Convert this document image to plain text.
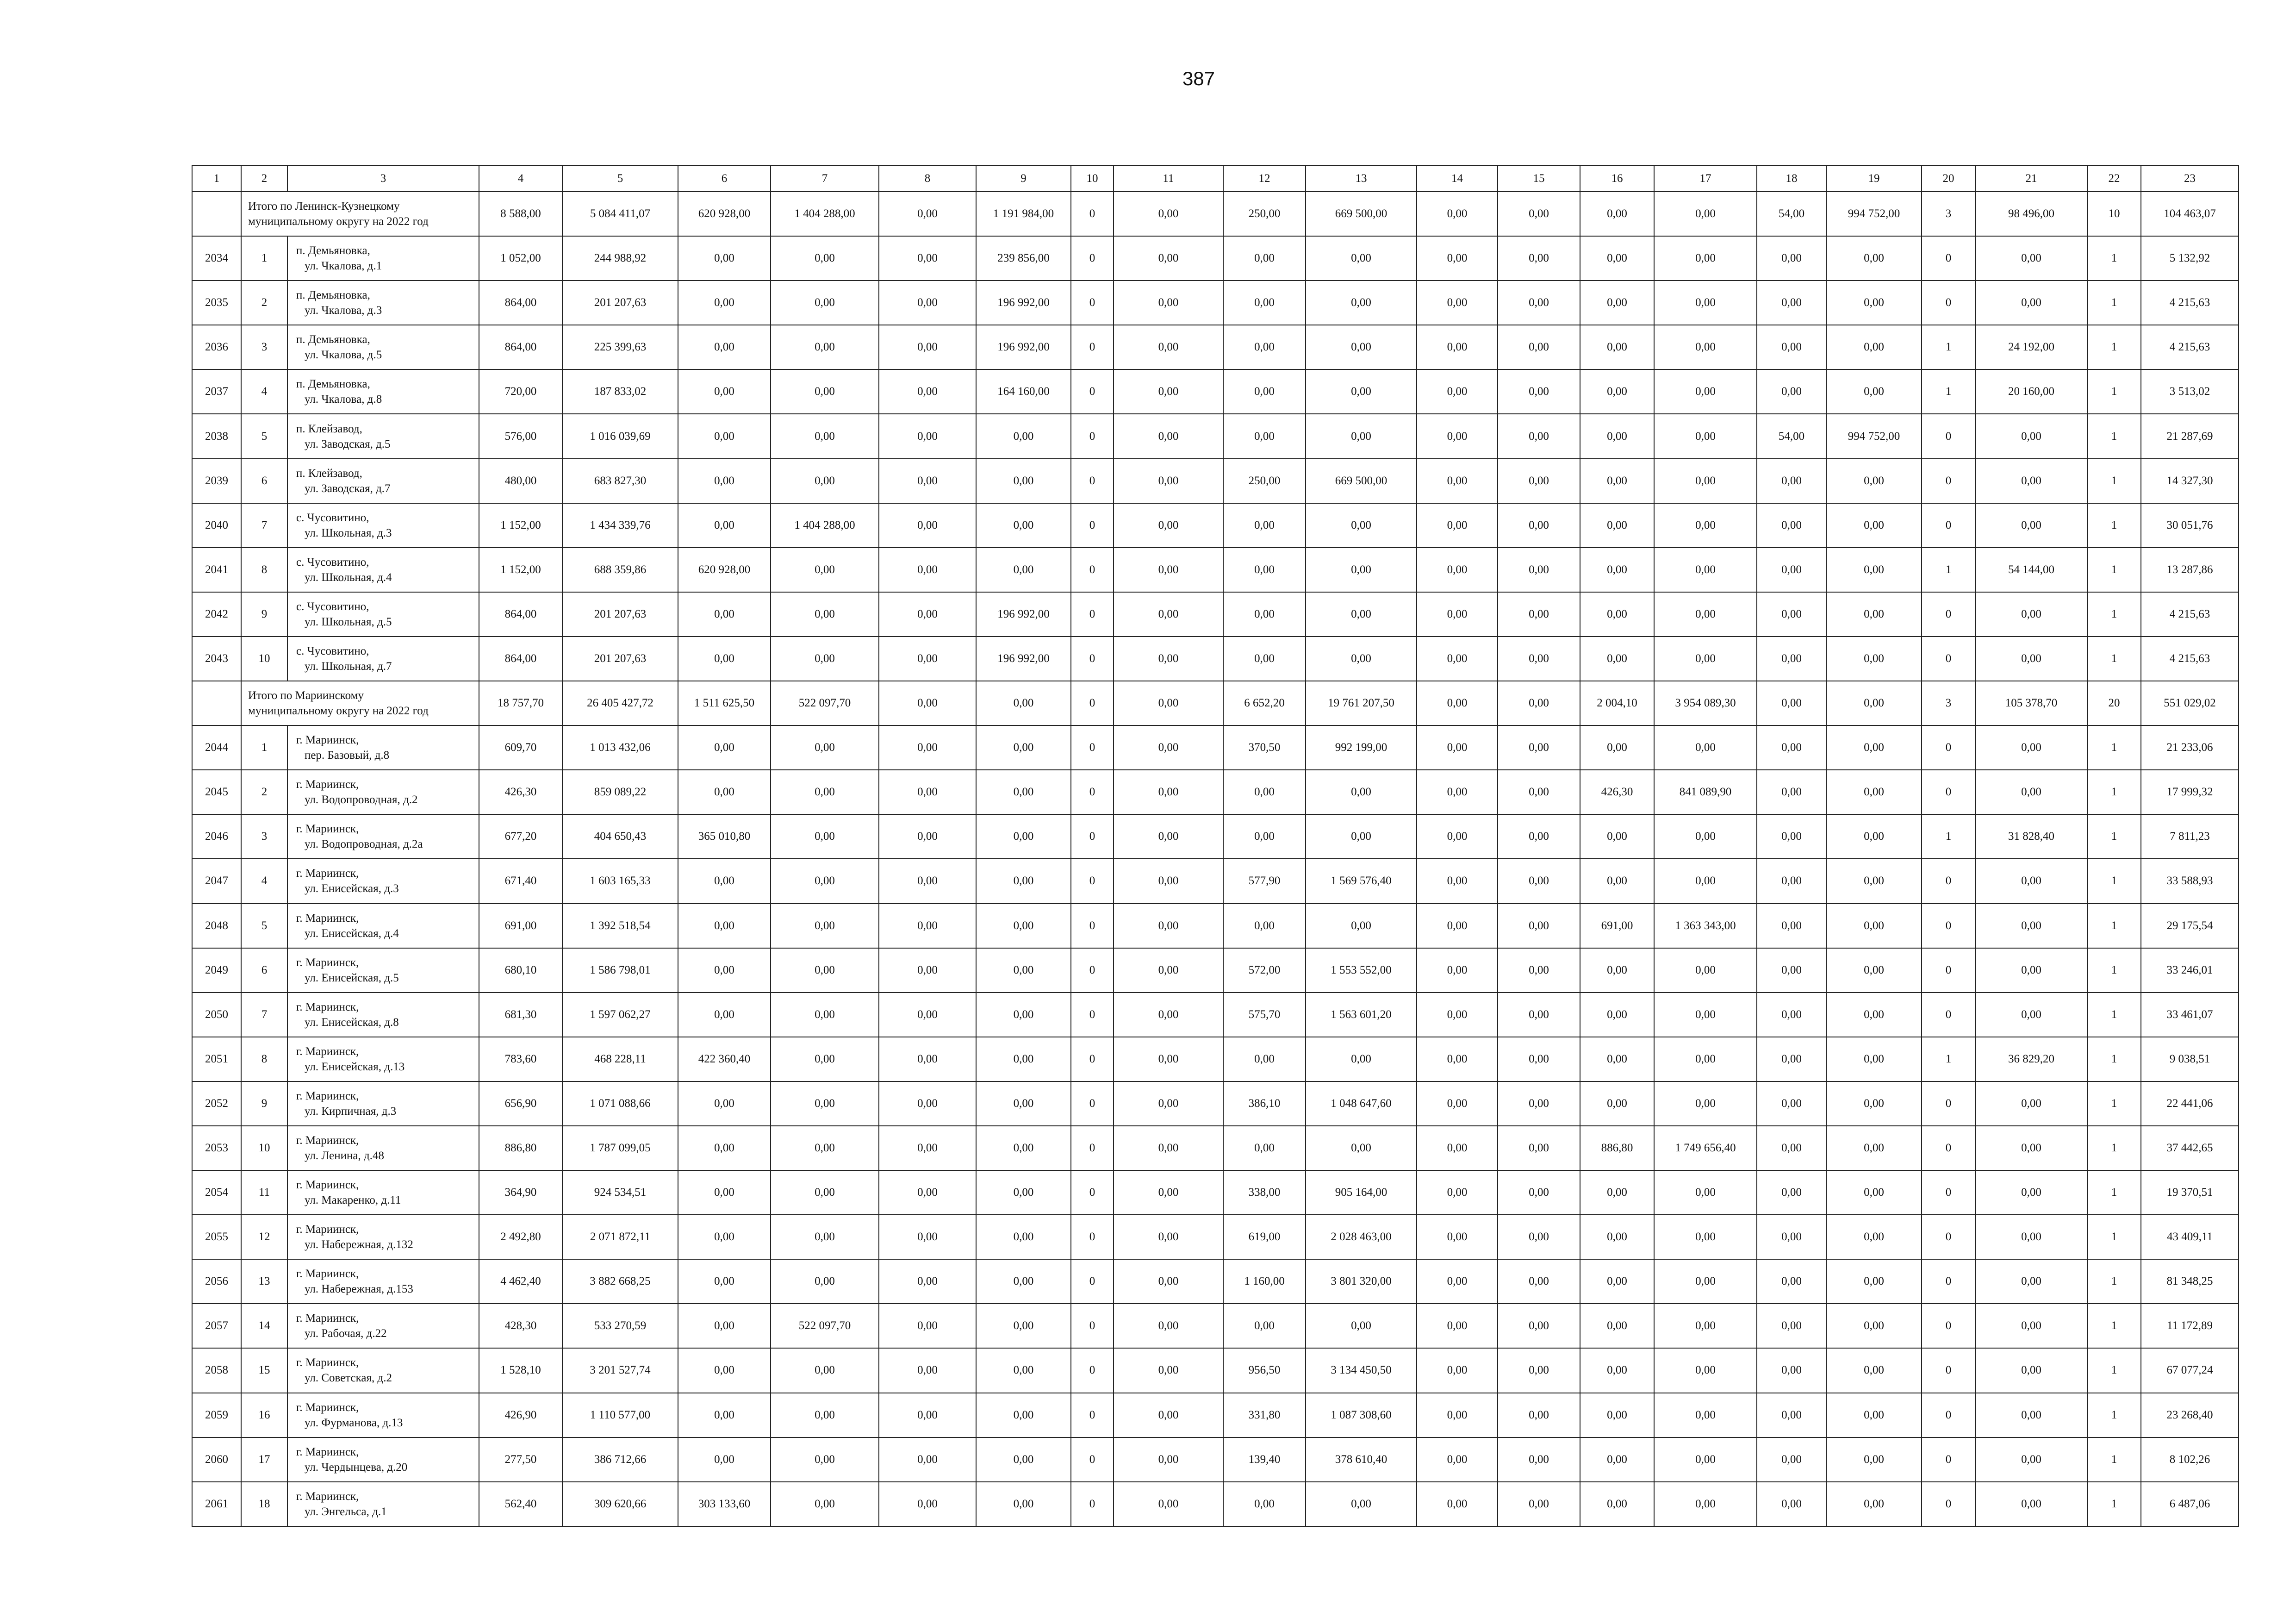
387
1	2	3	4	5	6	7	8	9	10	11	12	13	14	15	16	17	18	19	20	21	22	23

	Итого по Ленинск-Кузнецкому
муниципальному округу на 2022 год		8 588,00	5 084 411,07	620 928,00	1 404 288,00	0,00	1 191 984,00	0	0,00	250,00	669 500,00	0,00	0,00	0,00	0,00	54,00	994 752,00	3	98 496,00	10	104 463,07
2034	1	п. Демьяновка,
ул. Чкалова, д.1	1 052,00	244 988,92	0,00	0,00	0,00	239 856,00	0	0,00	0,00	0,00	0,00	0,00	0,00	0,00	0,00	0,00	0	0,00	1	5 132,92
2035	2	п. Демьяновка,
ул. Чкалова, д.3	864,00	201 207,63	0,00	0,00	0,00	196 992,00	0	0,00	0,00	0,00	0,00	0,00	0,00	0,00	0,00	0,00	0	0,00	1	4 215,63
2036	3	п. Демьяновка,
ул. Чкалова, д.5	864,00	225 399,63	0,00	0,00	0,00	196 992,00	0	0,00	0,00	0,00	0,00	0,00	0,00	0,00	0,00	0,00	1	24 192,00	1	4 215,63
2037	4	п. Демьяновка,
ул. Чкалова, д.8	720,00	187 833,02	0,00	0,00	0,00	164 160,00	0	0,00	0,00	0,00	0,00	0,00	0,00	0,00	0,00	0,00	1	20 160,00	1	3 513,02
2038	5	п. Клейзавод,
ул. Заводская, д.5	576,00	1 016 039,69	0,00	0,00	0,00	0,00	0	0,00	0,00	0,00	0,00	0,00	0,00	0,00	54,00	994 752,00	0	0,00	1	21 287,69
2039	6	п. Клейзавод,
ул. Заводская, д.7	480,00	683 827,30	0,00	0,00	0,00	0,00	0	0,00	250,00	669 500,00	0,00	0,00	0,00	0,00	0,00	0,00	0	0,00	1	14 327,30
2040	7	с. Чусовитино,
ул. Школьная, д.3	1 152,00	1 434 339,76	0,00	1 404 288,00	0,00	0,00	0	0,00	0,00	0,00	0,00	0,00	0,00	0,00	0,00	0,00	0	0,00	1	30 051,76
2041	8	с. Чусовитино,
ул. Школьная, д.4	1 152,00	688 359,86	620 928,00	0,00	0,00	0,00	0	0,00	0,00	0,00	0,00	0,00	0,00	0,00	0,00	0,00	1	54 144,00	1	13 287,86
2042	9	с. Чусовитино,
ул. Школьная, д.5	864,00	201 207,63	0,00	0,00	0,00	196 992,00	0	0,00	0,00	0,00	0,00	0,00	0,00	0,00	0,00	0,00	0	0,00	1	4 215,63
2043	10	с. Чусовитино,
ул. Школьная, д.7	864,00	201 207,63	0,00	0,00	0,00	196 992,00	0	0,00	0,00	0,00	0,00	0,00	0,00	0,00	0,00	0,00	0	0,00	1	4 215,63

	Итого по Мариинскому
муниципальному округу на 2022 год		18 757,70	26 405 427,72	1 511 625,50	522 097,70	0,00	0,00	0	0,00	6 652,20	19 761 207,50	0,00	0,00	2 004,10	3 954 089,30	0,00	0,00	3	105 378,70	20	551 029,02
2044	1	г. Мариинск,
пер. Базовый, д.8	609,70	1 013 432,06	0,00	0,00	0,00	0,00	0	0,00	370,50	992 199,00	0,00	0,00	0,00	0,00	0,00	0,00	0	0,00	1	21 233,06
2045	2	г. Мариинск,
ул. Водопроводная, д.2	426,30	859 089,22	0,00	0,00	0,00	0,00	0	0,00	0,00	0,00	0,00	0,00	426,30	841 089,90	0,00	0,00	0	0,00	1	17 999,32
2046	3	г. Мариинск,
ул. Водопроводная, д.2а	677,20	404 650,43	365 010,80	0,00	0,00	0,00	0	0,00	0,00	0,00	0,00	0,00	0,00	0,00	0,00	0,00	1	31 828,40	1	7 811,23
2047	4	г. Мариинск,
ул. Енисейская, д.3	671,40	1 603 165,33	0,00	0,00	0,00	0,00	0	0,00	577,90	1 569 576,40	0,00	0,00	0,00	0,00	0,00	0,00	0	0,00	1	33 588,93
2048	5	г. Мариинск,
ул. Енисейская, д.4	691,00	1 392 518,54	0,00	0,00	0,00	0,00	0	0,00	0,00	0,00	0,00	0,00	691,00	1 363 343,00	0,00	0,00	0	0,00	1	29 175,54
2049	6	г. Мариинск,
ул. Енисейская, д.5	680,10	1 586 798,01	0,00	0,00	0,00	0,00	0	0,00	572,00	1 553 552,00	0,00	0,00	0,00	0,00	0,00	0,00	0	0,00	1	33 246,01
2050	7	г. Мариинск,
ул. Енисейская, д.8	681,30	1 597 062,27	0,00	0,00	0,00	0,00	0	0,00	575,70	1 563 601,20	0,00	0,00	0,00	0,00	0,00	0,00	0	0,00	1	33 461,07
2051	8	г. Мариинск,
ул. Енисейская, д.13	783,60	468 228,11	422 360,40	0,00	0,00	0,00	0	0,00	0,00	0,00	0,00	0,00	0,00	0,00	0,00	0,00	1	36 829,20	1	9 038,51
2052	9	г. Мариинск,
ул. Кирпичная, д.3	656,90	1 071 088,66	0,00	0,00	0,00	0,00	0	0,00	386,10	1 048 647,60	0,00	0,00	0,00	0,00	0,00	0,00	0	0,00	1	22 441,06
2053	10	г. Мариинск,
ул. Ленина, д.48	886,80	1 787 099,05	0,00	0,00	0,00	0,00	0	0,00	0,00	0,00	0,00	0,00	886,80	1 749 656,40	0,00	0,00	0	0,00	1	37 442,65
2054	11	г. Мариинск,
ул. Макаренко, д.11	364,90	924 534,51	0,00	0,00	0,00	0,00	0	0,00	338,00	905 164,00	0,00	0,00	0,00	0,00	0,00	0,00	0	0,00	1	19 370,51
2055	12	г. Мариинск,
ул. Набережная, д.132	2 492,80	2 071 872,11	0,00	0,00	0,00	0,00	0	0,00	619,00	2 028 463,00	0,00	0,00	0,00	0,00	0,00	0,00	0	0,00	1	43 409,11
2056	13	г. Мариинск,
ул. Набережная, д.153	4 462,40	3 882 668,25	0,00	0,00	0,00	0,00	0	0,00	1 160,00	3 801 320,00	0,00	0,00	0,00	0,00	0,00	0,00	0	0,00	1	81 348,25
2057	14	г. Мариинск,
ул. Рабочая, д.22	428,30	533 270,59	0,00	522 097,70	0,00	0,00	0	0,00	0,00	0,00	0,00	0,00	0,00	0,00	0,00	0,00	0	0,00	1	11 172,89
2058	15	г. Мариинск,
ул. Советская, д.2	1 528,10	3 201 527,74	0,00	0,00	0,00	0,00	0	0,00	956,50	3 134 450,50	0,00	0,00	0,00	0,00	0,00	0,00	0	0,00	1	67 077,24
2059	16	г. Мариинск,
ул. Фурманова, д.13	426,90	1 110 577,00	0,00	0,00	0,00	0,00	0	0,00	331,80	1 087 308,60	0,00	0,00	0,00	0,00	0,00	0,00	0	0,00	1	23 268,40
2060	17	г. Мариинск,
ул. Чердынцева, д.20	277,50	386 712,66	0,00	0,00	0,00	0,00	0	0,00	139,40	378 610,40	0,00	0,00	0,00	0,00	0,00	0,00	0	0,00	1	8 102,26
2061	18	г. Мариинск,
ул. Энгельса, д.1	562,40	309 620,66	303 133,60	0,00	0,00	0,00	0	0,00	0,00	0,00	0,00	0,00	0,00	0,00	0,00	0,00	0	0,00	1	6 487,06
